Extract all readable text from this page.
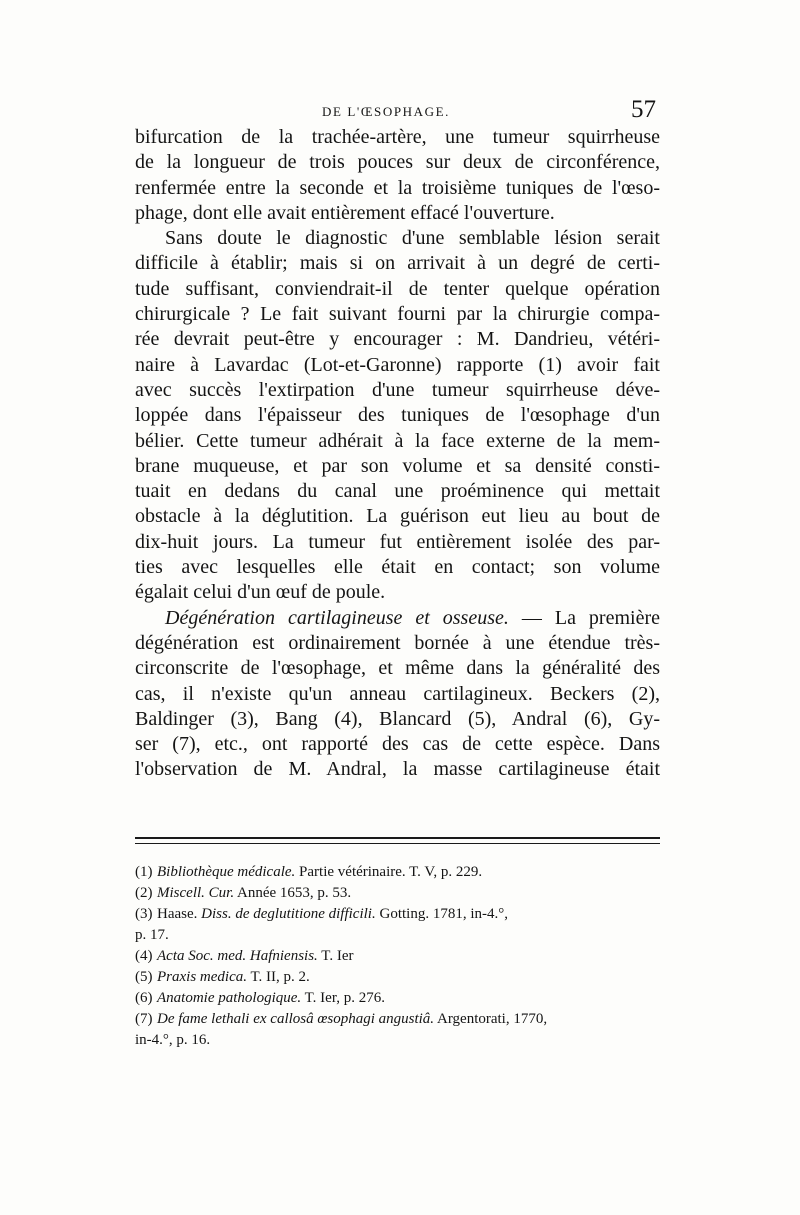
DE L'ŒSOPHAGE.	57
bifurcation de la trachée-artère, une tumeur squirrheuse
de la longueur de trois pouces sur deux de circonférence,
renfermée entre la seconde et la troisième tuniques de l'œso-
phage, dont elle avait entièrement effacé l'ouverture.
Sans doute le diagnostic d'une semblable lésion serait
difficile à établir; mais si on arrivait à un degré de certi-
tude suffisant, conviendrait-il de tenter quelque opération
chirurgicale ? Le fait suivant fourni par la chirurgie compa-
rée devrait peut-être y encourager : M. Dandrieu, vétéri-
naire à Lavardac (Lot-et-Garonne) rapporte (1) avoir fait
avec succès l'extirpation d'une tumeur squirrheuse déve-
loppée dans l'épaisseur des tuniques de l'œsophage d'un
bélier. Cette tumeur adhérait à la face externe de la mem-
brane muqueuse, et par son volume et sa densité consti-
tuait en dedans du canal une proéminence qui mettait
obstacle à la déglutition. La guérison eut lieu au bout de
dix-huit jours. La tumeur fut entièrement isolée des par-
ties avec lesquelles elle était en contact; son volume
égalait celui d'un œuf de poule.
Dégénération cartilagineuse et osseuse. — La première
dégénération est ordinairement bornée à une étendue très-
circonscrite de l'œsophage, et même dans la généralité des
cas, il n'existe qu'un anneau cartilagineux. Beckers (2),
Baldinger (3), Bang (4), Blancard (5), Andral (6), Gy-
ser (7), etc., ont rapporté des cas de cette espèce. Dans
l'observation de M. Andral, la masse cartilagineuse était
(1) Bibliothèque médicale. Partie vétérinaire. T. V, p. 229.
(2) Miscell. Cur. Année 1653, p. 53.
(3) Haase. Diss. de deglutitione difficili. Gotting. 1781, in-4.°,
p. 17.
(4) Acta Soc. med. Hafniensis. T. Ier
(5) Praxis medica. T. II, p. 2.
(6) Anatomie pathologique. T. Ier, p. 276.
(7) De fame lethali ex callosâ œsophagi angustiâ. Argentorati, 1770,
in-4.°, p. 16.
